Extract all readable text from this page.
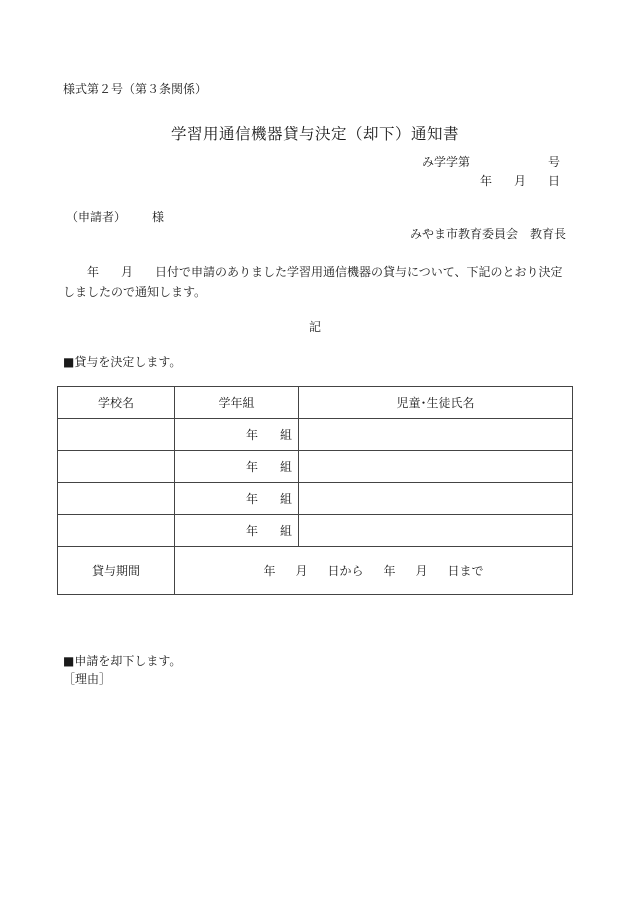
様式第２号（第３条関係）
学習用通信機器貸与決定（却下）通知書
み学学第	号
年 月 日
（申請者） 様
みやま市教育委員会 教育長
年 月 日付で申請のありました学習用通信機器の貸与について、下記のとおり決定しましたので通知します。
記
■貸与を決定します。
学校名	学年組	児童･生徒氏名
	年 組	
	年 組	
	年 組	
	年 組	
貸与期間	年 月 日から 年 月 日まで	
■申請を却下します。
［理由］
